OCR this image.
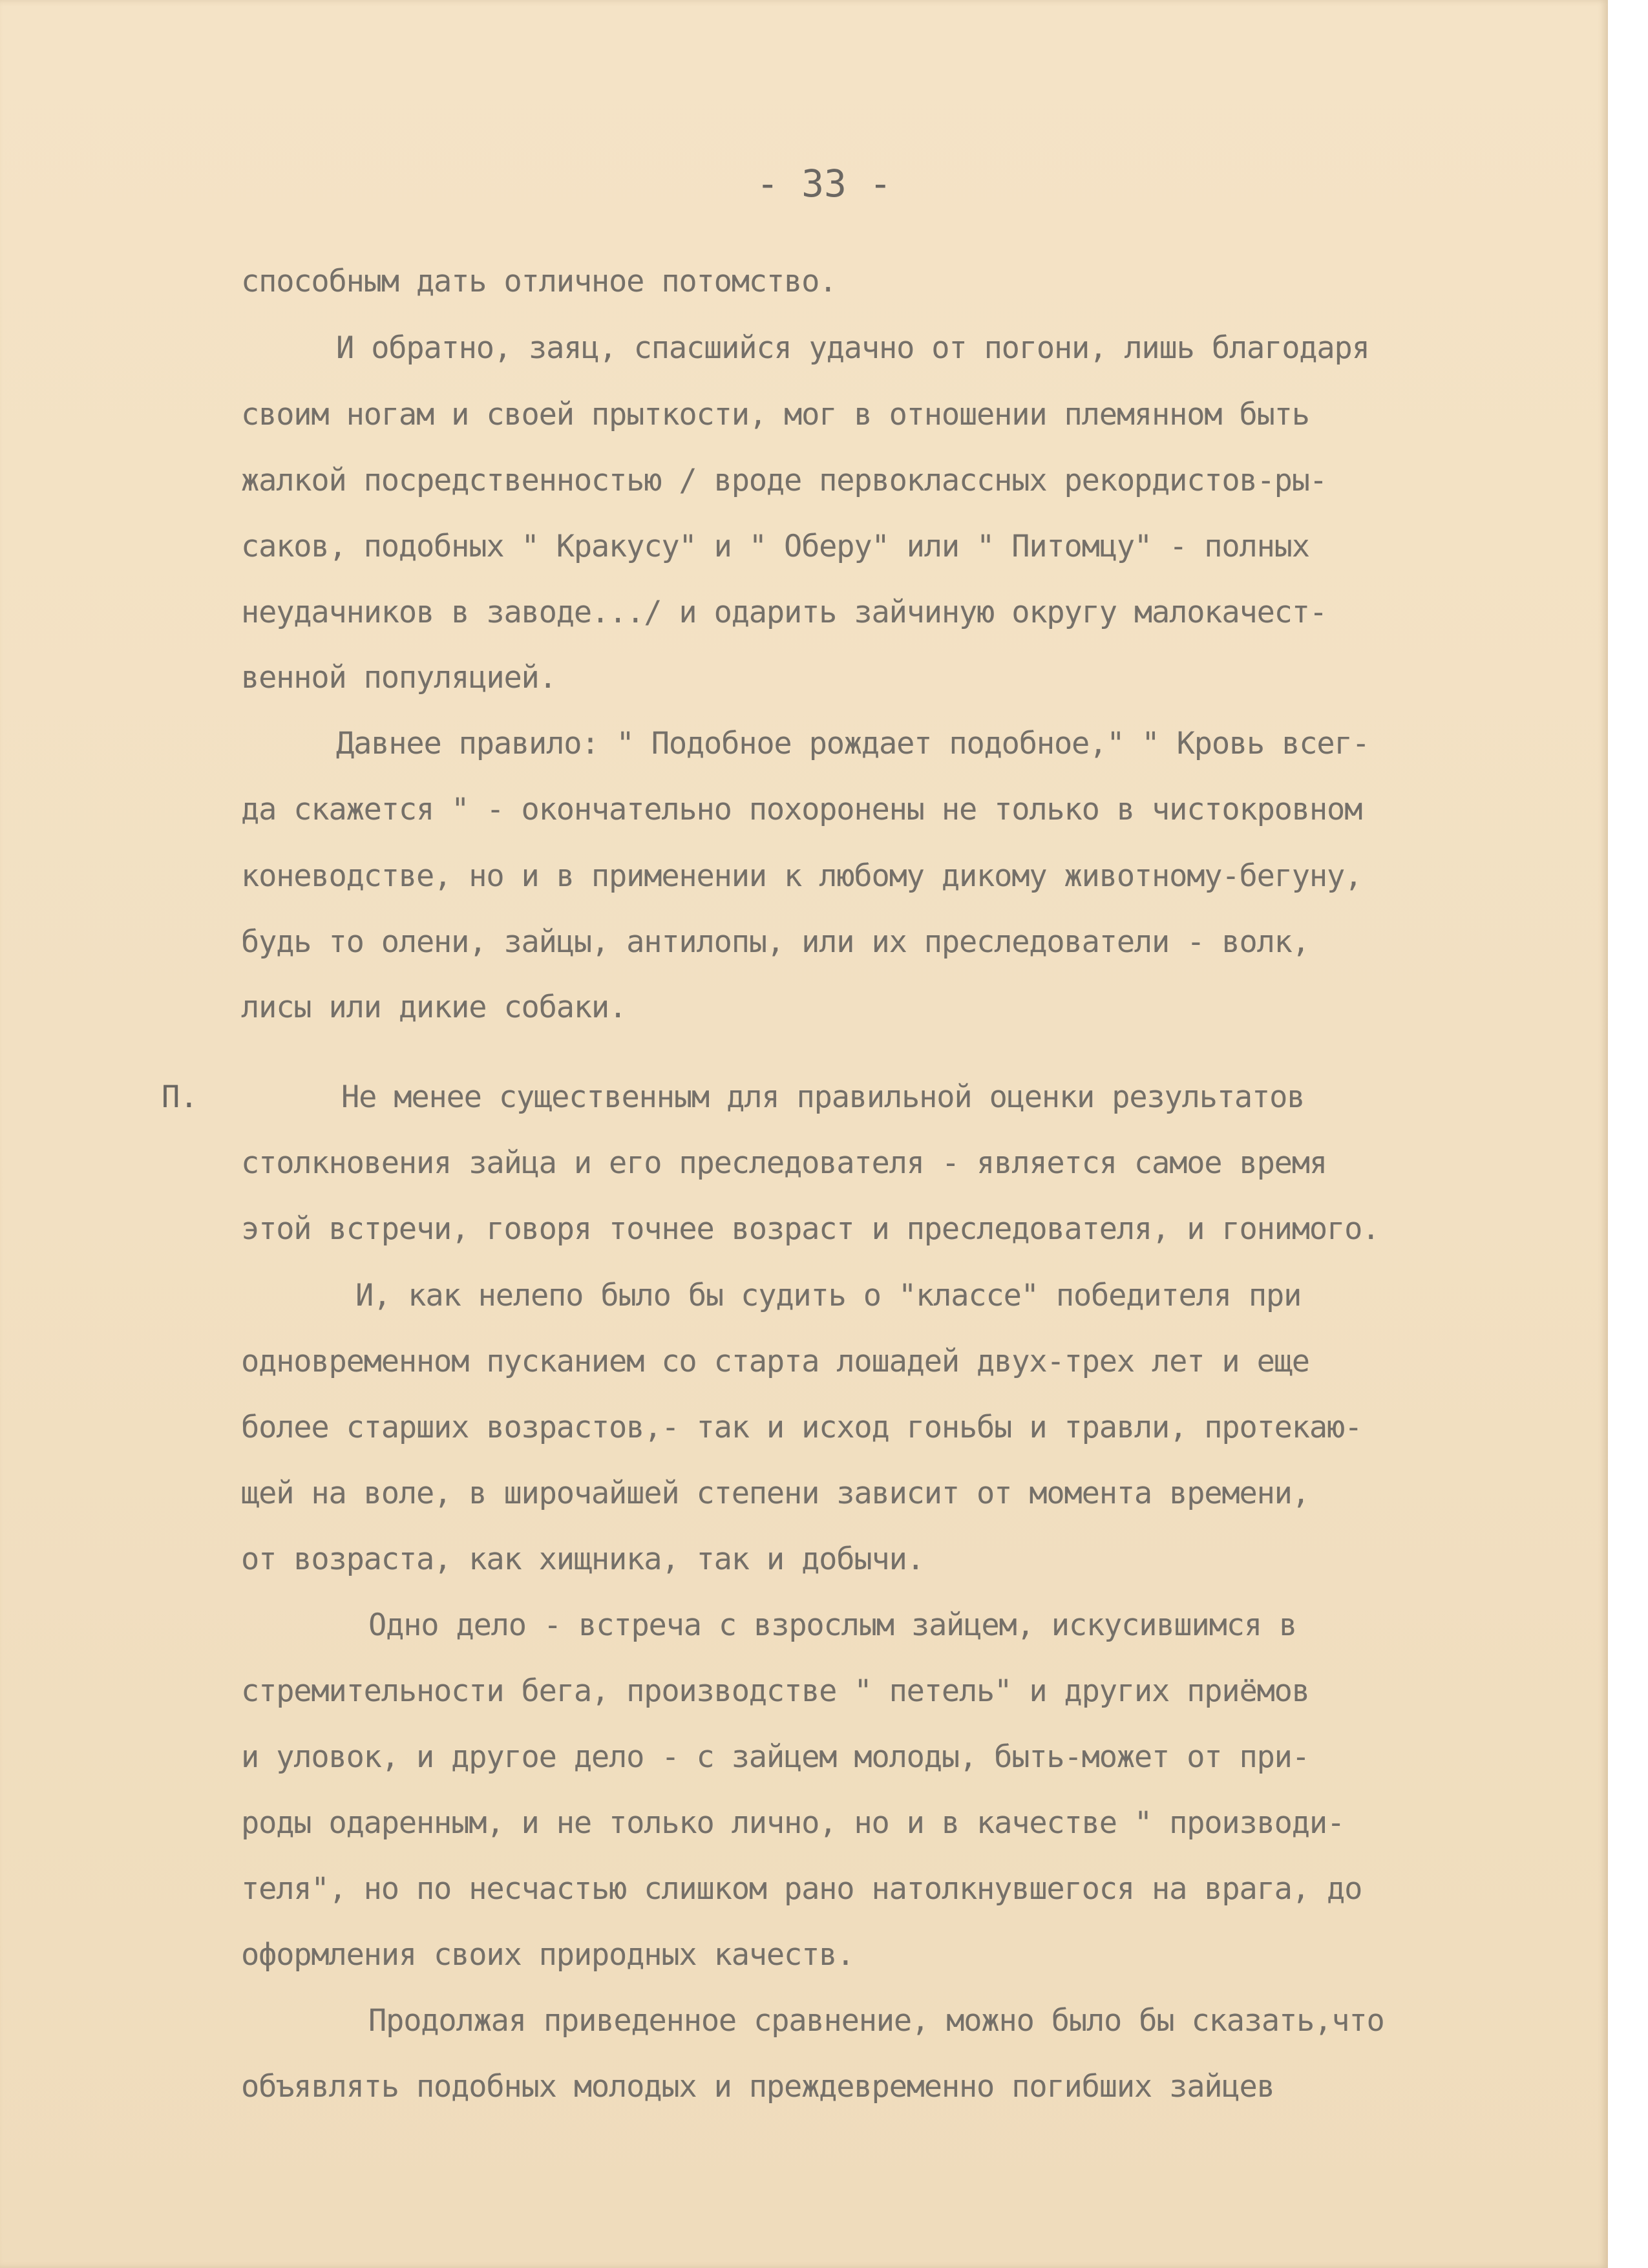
- 33 -
П.
способным дать отличное потомство.
И обратно, заяц, спасшийся удачно от погони, лишь благодаря
своим ногам и своей прыткости, мог в отношении племянном быть
жалкой посредственностью / вроде первоклассных рекордистов-ры-
саков, подобных " Кракусу" и " Оберу" или " Питомцу" - полных
неудачников в заводе.../ и одарить зайчиную округу малокачест-
венной популяцией.
Давнее правило: " Подобное рождает подобное," " Кровь всег-
да скажется " - окончательно похоронены не только в чистокровном
коневодстве, но и в применении к любому дикому животному-бегуну,
будь то олени, зайцы, антилопы, или их преследователи - волк,
лисы или дикие собаки.
Не менее существенным для правильной оценки результатов
столкновения зайца и его преследователя - является самое время
этой встречи, говоря точнее возраст и преследователя, и гонимого.
И, как нелепо было бы судить о "классе" победителя при
одновременном пусканием со старта лошадей двух-трех лет и еще
более старших возрастов,- так и исход гоньбы и травли, протекаю-
щей на воле, в широчайшей степени зависит от момента времени,
от возраста, как хищника, так и добычи.
Одно дело - встреча с взрослым зайцем, искусившимся в
стремительности бега, производстве " петель" и других приёмов
и уловок, и другое дело - с зайцем молоды, быть-может от при-
роды одаренным, и не только лично, но и в качестве " производи-
теля", но по несчастью слишком рано натолкнувшегося на врага, до
оформления своих природных качеств.
Продолжая приведенное сравнение, можно было бы сказать,что
объявлять подобных молодых и преждевременно погибших зайцев
